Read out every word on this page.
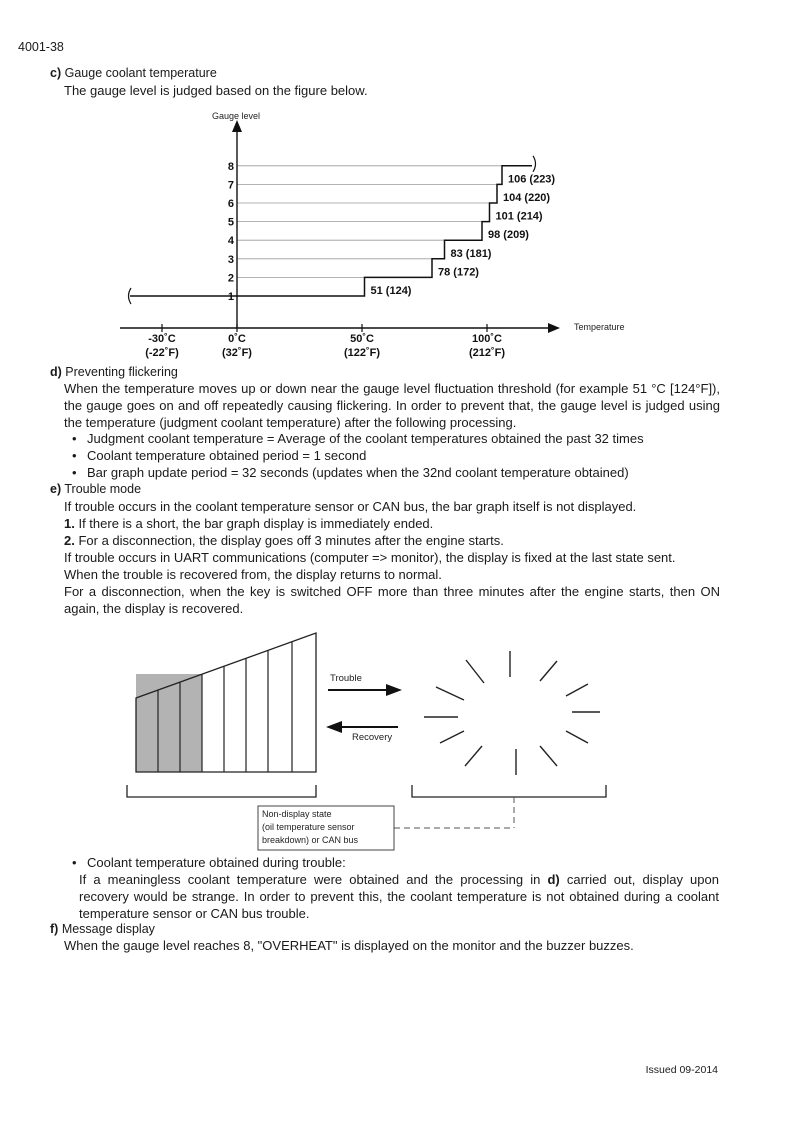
4001-38
c) Gauge coolant temperature
The gauge level is judged based on the figure below.
1
2
3
4
5
6
7
8
-30˚C
(-22˚F)
0˚C
(32˚F)
50˚C
(122˚F)
100˚C
(212˚F)
51 (124)
78 (172)
83 (181)
98 (209)
101 (214)
104 (220)
106 (223)
Gauge level
Temperature
d) Preventing flickering
When the temperature moves up or down near the gauge level fluctuation threshold (for example 51 °C [124°F]), the gauge goes on and off repeatedly causing flickering. In order to prevent that, the gauge level is judged using the temperature (judgment coolant temperature) after the following processing.
• Judgment coolant temperature = Average of the coolant temperatures obtained the past 32 times
• Coolant temperature obtained period = 1 second
• Bar graph update period = 32 seconds (updates when the 32nd coolant temperature obtained)
e) Trouble mode
If trouble occurs in the coolant temperature sensor or CAN bus, the bar graph itself is not displayed.
1. If there is a short, the bar graph display is immediately ended.
2. For a disconnection, the display goes off 3 minutes after the engine starts.
If trouble occurs in UART communications (computer => monitor), the display is fixed at the last state sent.
When the trouble is recovered from, the display returns to normal.
For a disconnection, when the key is switched OFF more than three minutes after the engine starts, then ON again, the display is recovered.
Trouble
Recovery
Non-display state
(oil temperature sensor
breakdown) or CAN bus
• Coolant temperature obtained during trouble:
If a meaningless coolant temperature were obtained and the processing in d) carried out, display upon recovery would be strange. In order to prevent this, the coolant temperature is not obtained during a coolant temperature sensor or CAN bus trouble.
f) Message display
When the gauge level reaches 8, "OVERHEAT" is displayed on the monitor and the buzzer buzzes.
Issued 09-2014
